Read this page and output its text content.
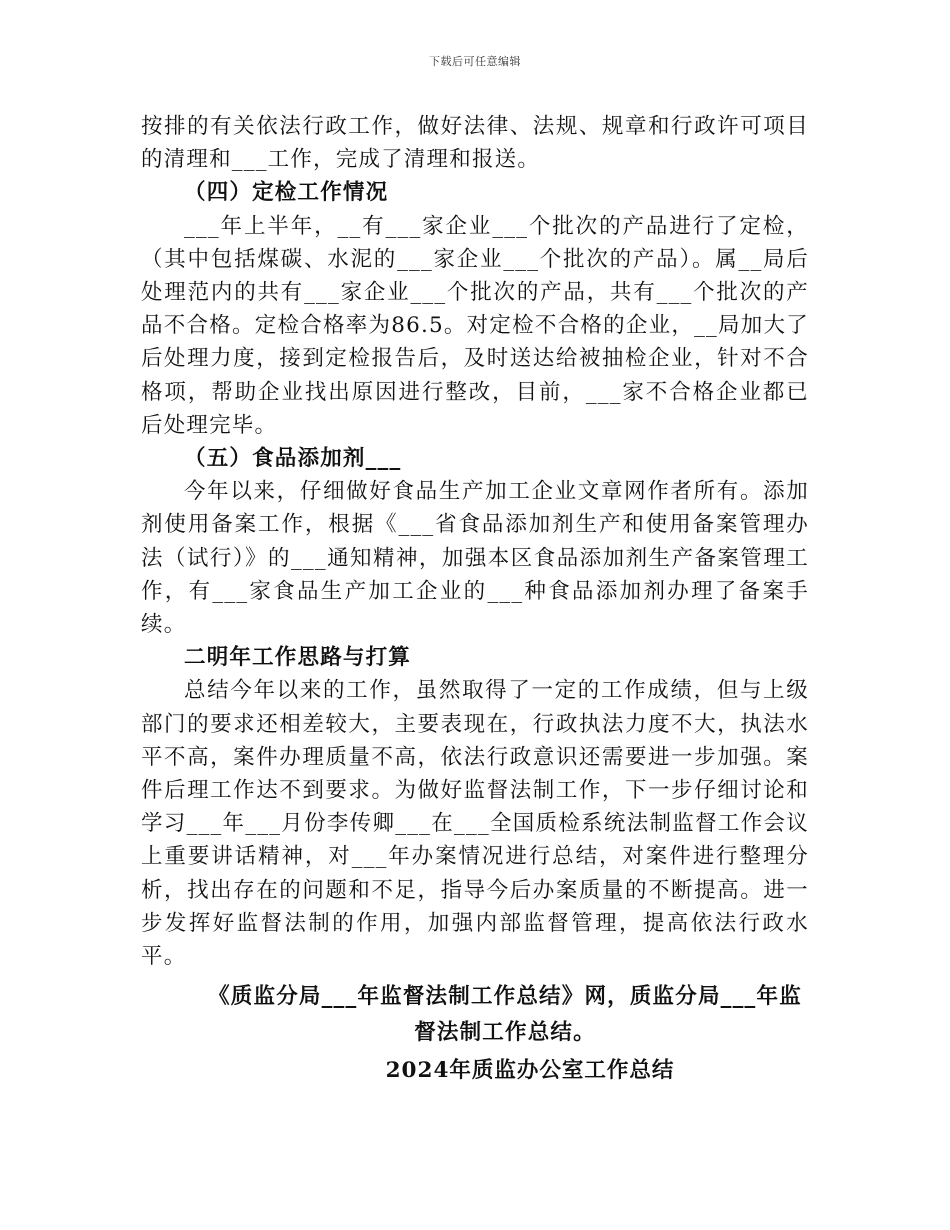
下载后可任意编辑

按排的有关依法行政工作，做好法律、法规、规章和行政许可项目的清理和___工作，完成了清理和报送。

（四）定检工作情况

___年上半年，__有___家企业___个批次的产品进行了定检，（其中包括煤碳、水泥的___家企业___个批次的产品）。属__局后处理范内的共有___家企业___个批次的产品，共有___个批次的产品不合格。定检合格率为86.5。对定检不合格的企业，__局加大了后处理力度，接到定检报告后，及时送达给被抽检企业，针对不合格项，帮助企业找出原因进行整改，目前，___家不合格企业都已后处理完毕。

（五）食品添加剂___

今年以来，仔细做好食品生产加工企业文章网作者所有。添加剂使用备案工作，根据《___省食品添加剂生产和使用备案管理办法（试行）》的___通知精神，加强本区食品添加剂生产备案管理工作，有___家食品生产加工企业的___种食品添加剂办理了备案手续。

二明年工作思路与打算

总结今年以来的工作，虽然取得了一定的工作成绩，但与上级部门的要求还相差较大，主要表现在，行政执法力度不大，执法水平不高，案件办理质量不高，依法行政意识还需要进一步加强。案件后理工作达不到要求。为做好监督法制工作，下一步仔细讨论和学习___年___月份李传卿___在___全国质检系统法制监督工作会议上重要讲话精神，对___年办案情况进行总结，对案件进行整理分析，找出存在的问题和不足，指导今后办案质量的不断提高。进一步发挥好监督法制的作用，加强内部监督管理，提高依法行政水平。

《质监分局___年监督法制工作总结》网，质监分局___年监督法制工作总结。

2024年质监办公室工作总结
